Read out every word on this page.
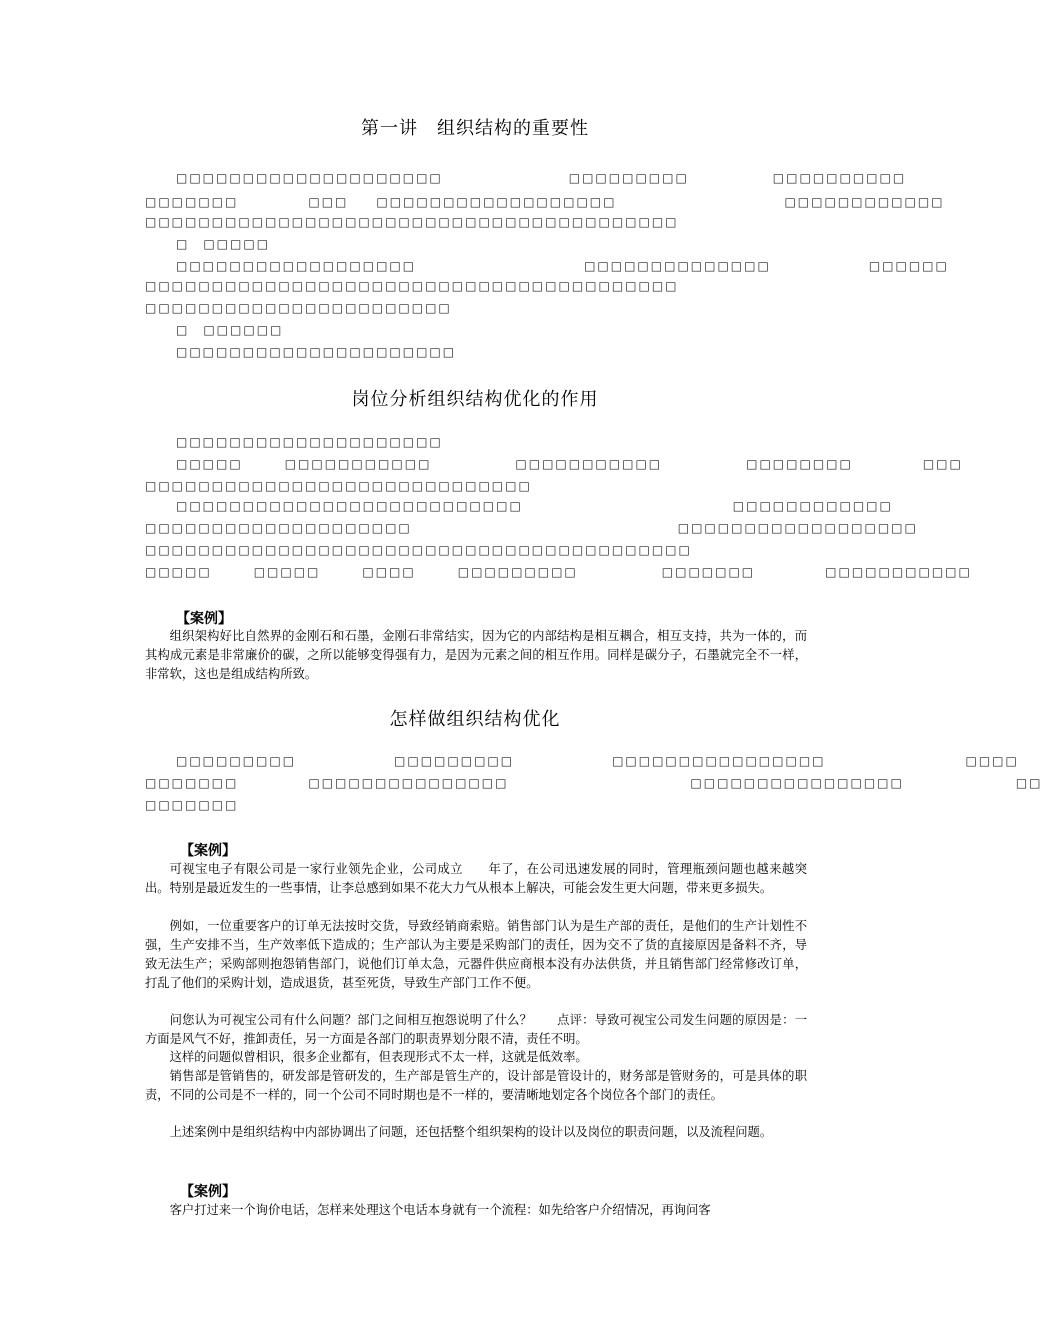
第一讲　组织结构的重要性
□□□□□□□□□□□□□□□□□□□□　　　　　　　　　□□□□□□□□□　　　　　　□□□□□□□□□□
□□□□□□□　　　　　□□□　　□□□□□□□□□□□□□□□□□□　　　　　　　　　　　　□□□□□□□□□□□□
□□□□□□□□□□□□□□□□□□□□□□□□□□□□□□□□□□□□□□□□
□　□□□□□
□□□□□□□□□□□□□□□□□□　　　　　　　　　　　　□□□□□□□□□□□□□□　　　　　　　□□□□□□
□□□□□□□□□□□□□□□□□□□□□□□□□□□□□□□□□□□□□□□□
□□□□□□□□□□□□□□□□□□□□□□□
□　□□□□□□
□□□□□□□□□□□□□□□□□□□□□
岗位分析组织结构优化的作用
□□□□□□□□□□□□□□□□□□□□
□□□□□　　　□□□□□□□□□□□　　　　　　□□□□□□□□□□□　　　　　　□□□□□□□□　　　　　□□□
□□□□□□□□□□□□□□□□□□□□□□□□□□□□□
□□□□□□□□□□□□□□□□□□□□□□□□□□　　　　　　　　　　　　　　　□□□□□□□□□□□□
□□□□□□□□□□□□□□□□□□□□　　　　　　　　　　　　　　　　　　　□□□□□□□□□□□□□□□□□□
□□□□□□□□□□□□□□□□□□□□□□□□□□□□□□□□□□□□□□□□□
□□□□□　　　□□□□□　　　□□□□　　　□□□□□□□□□　　　　　　□□□□□□□　　　　　□□□□□□□□□□□
【案例】
组织架构好比自然界的金刚石和石墨，金刚石非常结实，因为它的内部结构是相互耦合，相互支持，共为一体的，而其构成元素是非常廉价的碳，之所以能够变得强有力，是因为元素之间的相互作用。同样是碳分子，石墨就完全不一样，非常软，这也是组成结构所致。
怎样做组织结构优化
□□□□□□□□□　　　　　　　□□□□□□□□□　　　　　　　□□□□□□□□□□□□□□□□　　　　　　　　　　□□□□
□□□□□□□　　　　　□□□□□□□□□□□□□□□　　　　　　　　　　　　　□□□□□□□□□□□□□□□□　　　　　　　　□□
□□□□□□□
【案例】
可视宝电子有限公司是一家行业领先企业，公司成立　　年了，在公司迅速发展的同时，管理瓶颈问题也越来越突出。特别是最近发生的一些事情，让李总感到如果不花大力气从根本上解决，可能会发生更大问题，带来更多损失。
例如，一位重要客户的订单无法按时交货，导致经销商索赔。销售部门认为是生产部的责任，是他们的生产计划性不强，生产安排不当，生产效率低下造成的；生产部认为主要是采购部门的责任，因为交不了货的直接原因是备料不齐，导致无法生产；采购部则抱怨销售部门，说他们订单太急，元器件供应商根本没有办法供货，并且销售部门经常修改订单，打乱了他们的采购计划，造成退货，甚至死货，导致生产部门工作不便。
问您认为可视宝公司有什么问题？部门之间相互抱怨说明了什么？　　点评：导致可视宝公司发生问题的原因是：一方面是风气不好，推卸责任，另一方面是各部门的职责界划分限不清，责任不明。
这样的问题似曾相识，很多企业都有，但表现形式不太一样，这就是低效率。
销售部是管销售的，研发部是管研发的，生产部是管生产的，设计部是管设计的，财务部是管财务的，可是具体的职责，不同的公司是不一样的，同一个公司不同时期也是不一样的，要清晰地划定各个岗位各个部门的责任。
上述案例中是组织结构中内部协调出了问题，还包括整个组织架构的设计以及岗位的职责问题，以及流程问题。
【案例】
客户打过来一个询价电话，怎样来处理这个电话本身就有一个流程：如先给客户介绍情况，再询问客
